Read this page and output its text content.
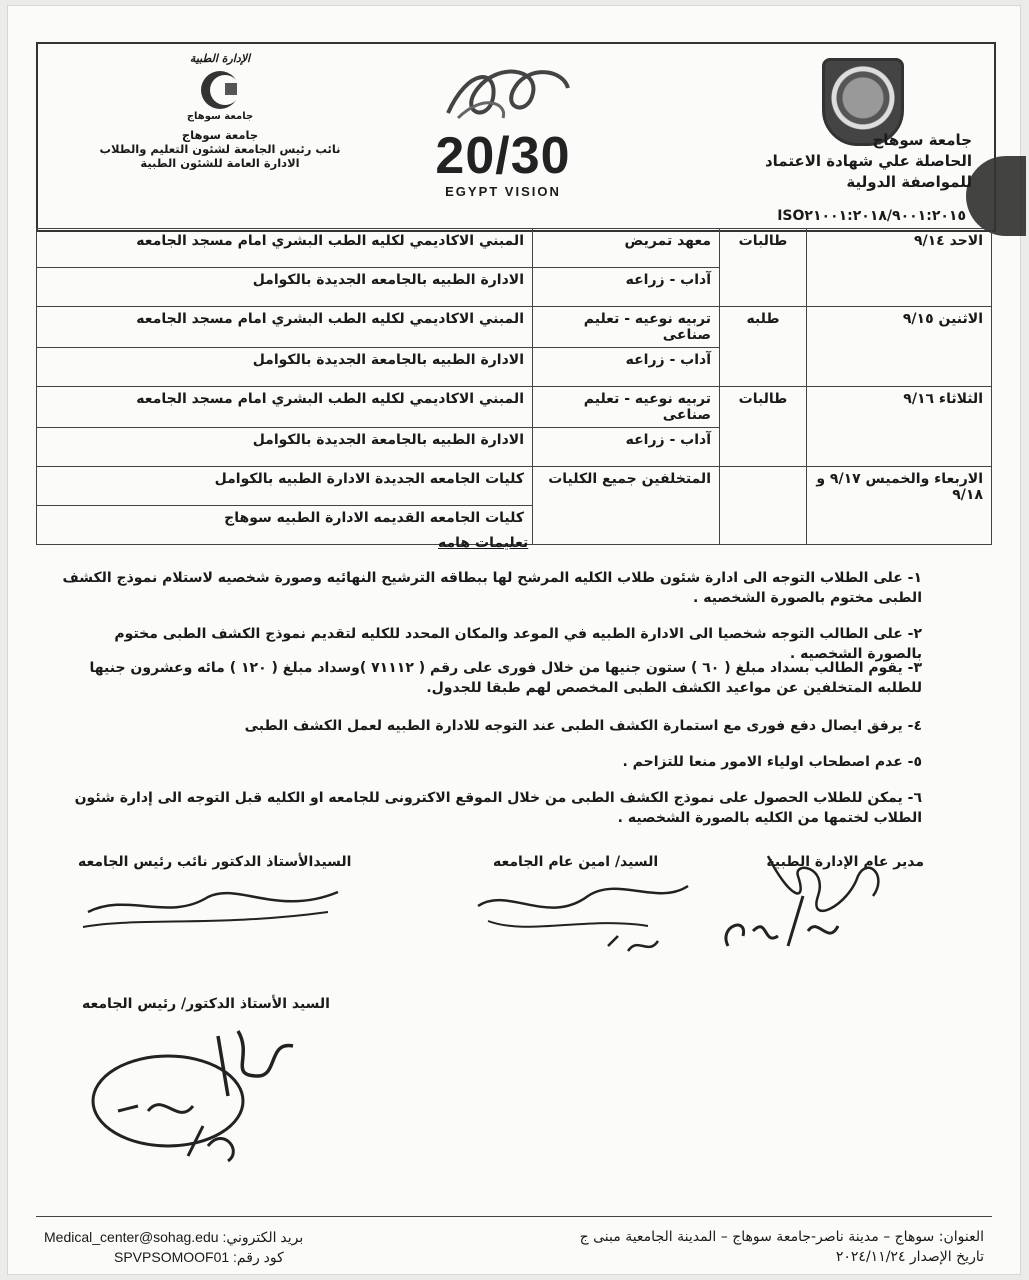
جامعة سوهاج
الحاصلة علي شهادة الاعتماد
للمواصفة الدولية
ISO٢١٠٠١:٢٠١٨/٩٠٠١:٢٠١٥
20/30
EGYPT VISION
الإدارة الطبية
جامعة سوهاج
جامعة سوهاج
نائب رئيس الجامعة لشئون التعليم والطلاب
الادارة العامة للشئون الطبية
الاحد ٩/١٤	طالبات	معهد تمريض	المبني الاكاديمي لكليه الطب البشري امام مسجد الجامعه
		آداب - زراعه	الادارة الطبيه بالجامعه الجديدة بالكوامل
الاثنين ٩/١٥	طلبه	تربيه نوعيه - تعليم صناعى	المبني الاكاديمي لكليه الطب البشري امام مسجد الجامعه
		آداب - زراعه	الادارة الطبيه بالجامعة الجديدة بالكوامل
الثلاثاء ٩/١٦	طالبات	تربيه نوعيه - تعليم صناعى	المبني الاكاديمي لكليه الطب البشري امام مسجد الجامعه
		آداب - زراعه	الادارة الطبيه بالجامعة الجديدة بالكوامل
الاربعاء والخميس ٩/١٧ و ٩/١٨		المتخلفين جميع الكليات	كليات الجامعه الجديدة الادارة الطبيه بالكوامل
			كليات الجامعه القديمه الادارة الطبيه سوهاج
تعليمات هامه
١- على الطلاب التوجه الى ادارة شئون طلاب الكليه المرشح لها ببطاقه الترشيح النهائيه وصورة شخصيه لاستلام نموذج الكشف الطبى مختوم بالصورة الشخصيه .
٢- على الطالب التوجه شخصيا الى الادارة الطبيه في الموعد والمكان المحدد للكليه لتقديم نموذج الكشف الطبى مختوم بالصورة الشخصيه .
٣- يقوم الطالب بسداد مبلغ ( ٦٠ ) ستون جنيها من خلال فورى على رقم ( ٧١١١٢ )وسداد مبلغ ( ١٢٠ ) مائه وعشرون جنيها للطلبه المتخلفين عن مواعيد الكشف الطبى المخصص لهم طبقا للجدول.
٤- يرفق ايصال دفع فورى مع استمارة الكشف الطبى عند التوجه للادارة الطبيه لعمل الكشف الطبى
٥- عدم اصطحاب اولياء الامور منعا للتزاحم .
٦- يمكن للطلاب الحصول على نموذج الكشف الطبى من خلال الموقع الاكترونى للجامعه او الكليه قبل التوجه الى إدارة شئون الطلاب لختمها من الكليه بالصورة الشخصيه .
مدير عام الإدارة الطبية
السيد/ امين عام الجامعه
السيدالأستاذ الدكتور نائب رئيس الجامعه
السيد الأستاذ الدكتور/ رئيس الجامعه
العنوان: سوهاج – مدينة ناصر-جامعة سوهاج – المدينة الجامعية مبنى ج
تاريخ الإصدار ٢٠٢٤/١١/٢٤
Medical_center@sohag.edu بريد الكتروني:
SPVPSOMOOF01 كود رقم:
